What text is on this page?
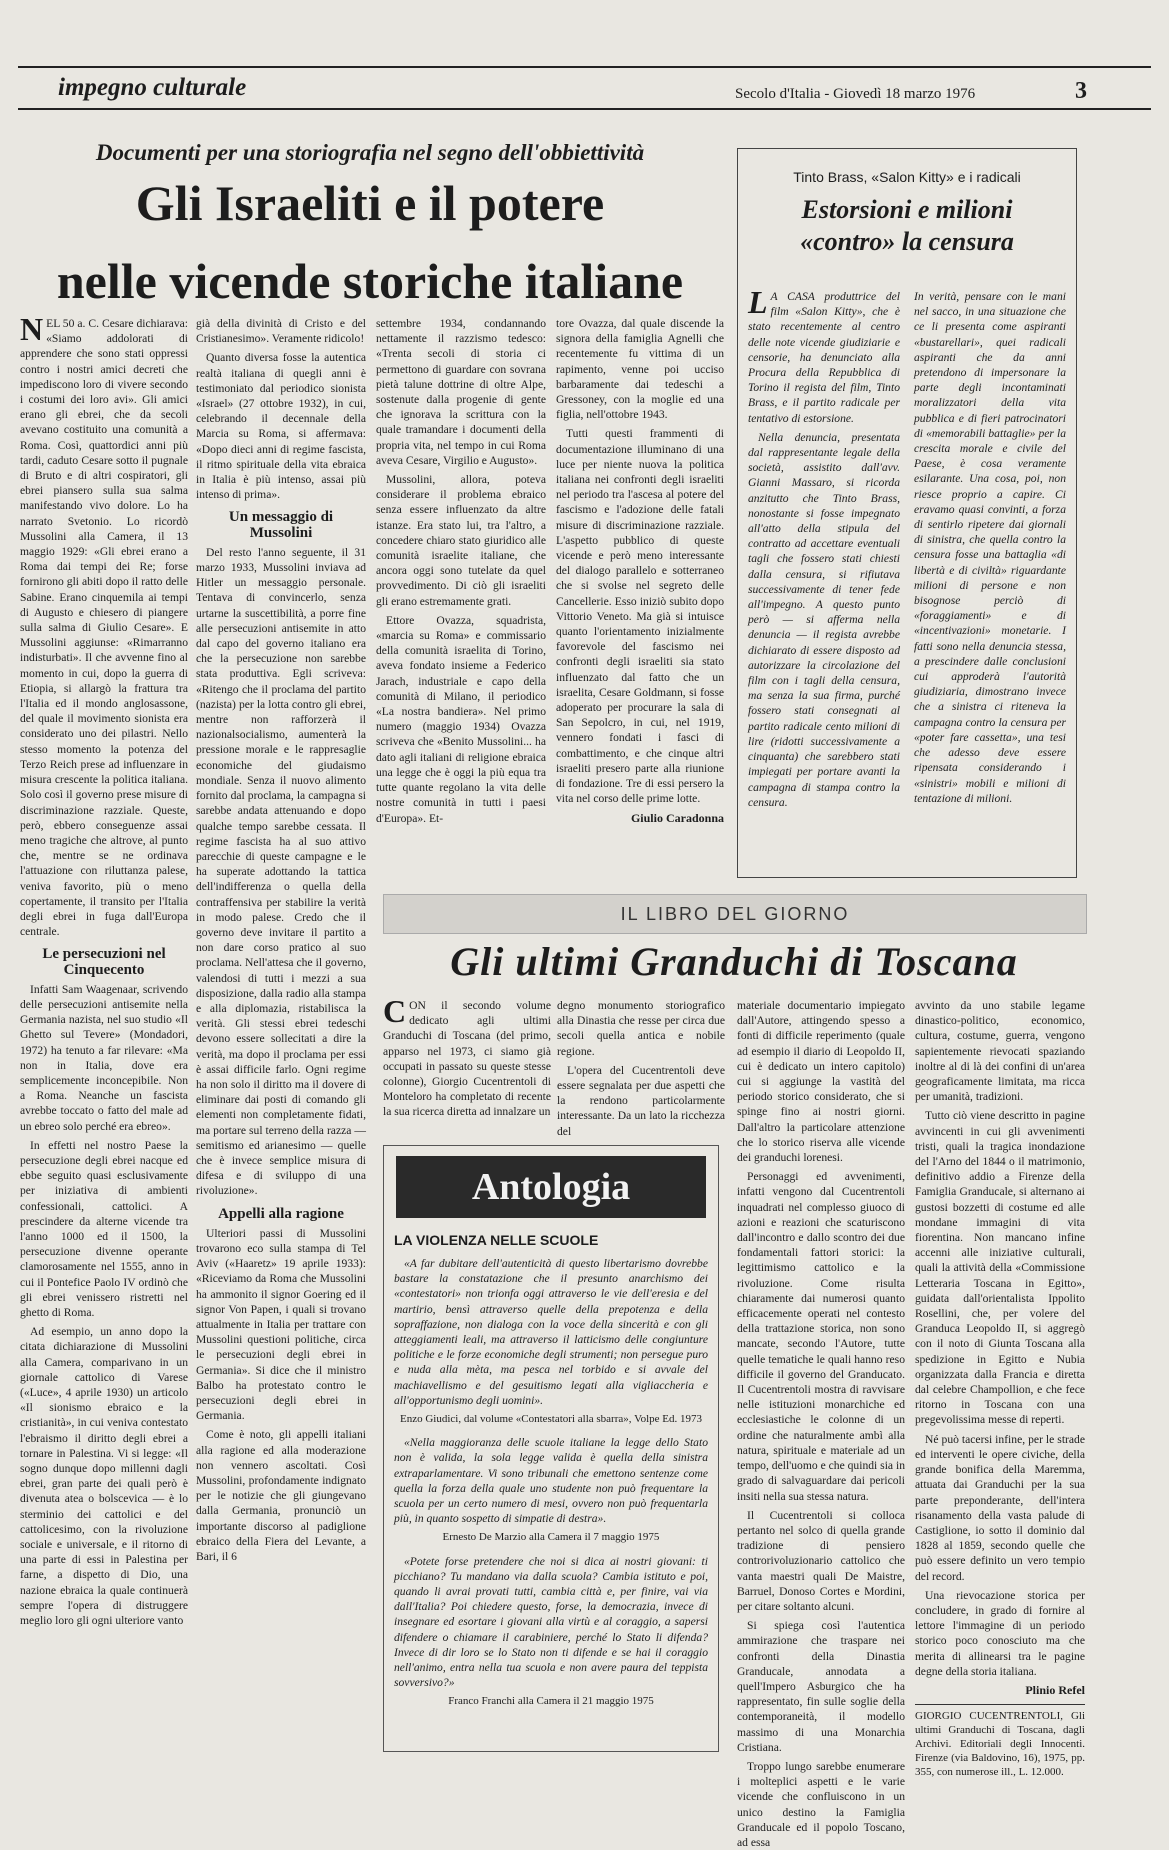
impegno culturale	Secolo d'Italia - Giovedì 18 marzo 1976	3
Documenti per una storiografia nel segno dell'obbiettività
Gli Israeliti e il potere
nelle vicende storiche italiane

NEL 50 a. C. Cesare dichiarava: «Siamo addolorati di apprendere che sono stati oppressi contro i nostri amici decreti che impediscono loro di vivere secondo i costumi dei loro avi». Gli amici erano gli ebrei, che da secoli avevano costituito una comunità a Roma. Così, quattordici anni più tardi, caduto Cesare sotto il pugnale di Bruto e di altri cospiratori, gli ebrei piansero sulla sua salma manifestando vivo dolore. Lo ha narrato Svetonio. Lo ricordò Mussolini alla Camera, il 13 maggio 1929: «Gli ebrei erano a Roma dai tempi dei Re; forse fornirono gli abiti dopo il ratto delle Sabine. Erano cinquemila ai tempi di Augusto e chiesero di piangere sulla salma di Giulio Cesare». E Mussolini aggiunse: «Rimarranno indisturbati». Il che avvenne fino al momento in cui, dopo la guerra di Etiopia, si allargò la frattura tra l'Italia ed il mondo anglosassone, del quale il movimento sionista era considerato uno dei pilastri. Nello stesso momento la potenza del Terzo Reich prese ad influenzare in misura crescente la politica italiana. Solo così il governo prese misure di discriminazione razziale. Queste, però, ebbero conseguenze assai meno tragiche che altrove, al punto che, mentre se ne ordinava l'attuazione con riluttanza palese, veniva favorito, più o meno copertamente, il transito per l'Italia degli ebrei in fuga dall'Europa centrale.

Le persecuzioni nel Cinquecento

Infatti Sam Waagenaar, scrivendo delle persecuzioni antisemite nella Germania nazista, nel suo studio «Il Ghetto sul Tevere» (Mondadori, 1972) ha tenuto a far rilevare: «Ma non in Italia, dove era semplicemente inconcepibile. Non a Roma. Neanche un fascista avrebbe toccato o fatto del male ad un ebreo solo perché era ebreo».

In effetti nel nostro Paese la persecuzione degli ebrei nacque ed ebbe seguito quasi esclusivamente per iniziativa di ambienti confessionali, cattolici. A prescindere da alterne vicende tra l'anno 1000 ed il 1500, la persecuzione divenne operante clamorosamente nel 1555, anno in cui il Pontefice Paolo IV ordinò che gli ebrei venissero ristretti nel ghetto di Roma.

Ad esempio, un anno dopo la citata dichiarazione di Mussolini alla Camera, comparivano in un giornale cattolico di Varese («Luce», 4 aprile 1930) un articolo «Il sionismo ebraico e la cristianità», in cui veniva contestato l'ebraismo il diritto degli ebrei a tornare in Palestina. Vi si legge: «Il sogno dunque dopo millenni dagli ebrei, gran parte dei quali però è divenuta atea o bolscevica — è lo sterminio dei cattolici e del cattolicesimo, con la rivoluzione sociale e universale, e il ritorno di una parte di essi in Palestina per farne, a dispetto di Dio, una nazione ebraica la quale continuerà sempre l'opera di distruggere meglio loro gli ogni ulteriore vanto

già della divinità di Cristo e del Cristianesimo». Veramente ridicolo!

Quanto diversa fosse la autentica realtà italiana di quegli anni è testimoniato dal periodico sionista «Israel» (27 ottobre 1932), in cui, celebrando il decennale della Marcia su Roma, si affermava: «Dopo dieci anni di regime fascista, il ritmo spirituale della vita ebraica in Italia è più intenso, assai più intenso di prima».

Un messaggio di Mussolini

Del resto l'anno seguente, il 31 marzo 1933, Mussolini inviava ad Hitler un messaggio personale. Tentava di convincerlo, senza urtarne la suscettibilità, a porre fine alle persecuzioni antisemite in atto dal capo del governo italiano era che la persecuzione non sarebbe stata produttiva. Egli scriveva: «Ritengo che il proclama del partito (nazista) per la lotta contro gli ebrei, mentre non rafforzerà il nazionalsocialismo, aumenterà la pressione morale e le rappresaglie economiche del giudaismo mondiale. Senza il nuovo alimento fornito dal proclama, la campagna si sarebbe andata attenuando e dopo qualche tempo sarebbe cessata. Il regime fascista ha al suo attivo parecchie di queste campagne e le ha superate adottando la tattica dell'indifferenza o quella della contraffensiva per stabilire la verità in modo palese. Credo che il governo deve invitare il partito a non dare corso pratico al suo proclama. Nell'attesa che il governo, valendosi di tutti i mezzi a sua disposizione, dalla radio alla stampa e alla diplomazia, ristabilisca la verità. Gli stessi ebrei tedeschi devono essere sollecitati a dire la verità, ma dopo il proclama per essi è assai difficile farlo. Ogni regime ha non solo il diritto ma il dovere di eliminare dai posti di comando gli elementi non completamente fidati, ma portare sul terreno della razza — semitismo ed arianesimo — quelle che è invece semplice misura di difesa e di sviluppo di una rivoluzione».

Appelli alla ragione

Ulteriori passi di Mussolini trovarono eco sulla stampa di Tel Aviv («Haaretz» 19 aprile 1933): «Riceviamo da Roma che Mussolini ha ammonito il signor Goering ed il signor Von Papen, i quali si trovano attualmente in Italia per trattare con Mussolini questioni politiche, circa le persecuzioni degli ebrei in Germania». Si dice che il ministro Balbo ha protestato contro le persecuzioni degli ebrei in Germania.

Come è noto, gli appelli italiani alla ragione ed alla moderazione non vennero ascoltati. Così Mussolini, profondamente indignato per le notizie che gli giungevano dalla Germania, pronunciò un importante discorso al padiglione ebraico della Fiera del Levante, a Bari, il 6

settembre 1934, condannando nettamente il razzismo tedesco: «Trenta secoli di storia ci permettono di guardare con sovrana pietà talune dottrine di oltre Alpe, sostenute dalla progenie di gente che ignorava la scrittura con la quale tramandare i documenti della propria vita, nel tempo in cui Roma aveva Cesare, Virgilio e Augusto».

Mussolini, allora, poteva considerare il problema ebraico senza essere influenzato da altre istanze. Era stato lui, tra l'altro, a concedere chiaro stato giuridico alle comunità israelite italiane, che ancora oggi sono tutelate da quel provvedimento. Di ciò gli israeliti gli erano estremamente grati.

Ettore Ovazza, squadrista, «marcia su Roma» e commissario della comunità israelita di Torino, aveva fondato insieme a Federico Jarach, industriale e capo della comunità di Milano, il periodico «La nostra bandiera». Nel primo numero (maggio 1934) Ovazza scriveva che «Benito Mussolini... ha dato agli italiani di religione ebraica una legge che è oggi la più equa tra tutte quante regolano la vita delle nostre comunità in tutti i paesi d'Europa». Et-

tore Ovazza, dal quale discende la signora della famiglia Agnelli che recentemente fu vittima di un rapimento, venne poi ucciso barbaramente dai tedeschi a Gressoney, con la moglie ed una figlia, nell'ottobre 1943.

Tutti questi frammenti di documentazione illuminano di una luce per niente nuova la politica italiana nei confronti degli israeliti nel periodo tra l'ascesa al potere del fascismo e l'adozione delle fatali misure di discriminazione razziale. L'aspetto pubblico di queste vicende e però meno interessante del dialogo parallelo e sotterraneo che si svolse nel segreto delle Cancellerie. Esso iniziò subito dopo Vittorio Veneto. Ma già si intuisce quanto l'orientamento inizialmente favorevole del fascismo nei confronti degli israeliti sia stato influenzato dal fatto che un israelita, Cesare Goldmann, si fosse adoperato per procurare la sala di San Sepolcro, in cui, nel 1919, vennero fondati i fasci di combattimento, e che cinque altri israeliti presero parte alla riunione di fondazione. Tre di essi persero la vita nel corso delle prime lotte.

Giulio Caradonna
Tinto Brass, «Salon Kitty» e i radicali
Estorsioni e milioni
«contro» la censura

LA CASA produttrice del film «Salon Kitty», che è stato recentemente al centro delle note vicende giudiziarie e censorie, ha denunciato alla Procura della Repubblica di Torino il regista del film, Tinto Brass, e il partito radicale per tentativo di estorsione.

Nella denuncia, presentata dal rappresentante legale della società, assistito dall'avv. Gianni Massaro, si ricorda anzitutto che Tinto Brass, nonostante si fosse impegnato all'atto della stipula del contratto ad accettare eventuali tagli che fossero stati chiesti dalla censura, si rifiutava successivamente di tener fede all'impegno. A questo punto però — si afferma nella denuncia — il regista avrebbe dichiarato di essere disposto ad autorizzare la circolazione del film con i tagli della censura, ma senza la sua firma, purché fossero stati consegnati al partito radicale cento milioni di lire (ridotti successivamente a cinquanta) che sarebbero stati impiegati per portare avanti la campagna di stampa contro la censura.

In verità, pensare con le mani nel sacco, in una situazione che ce li presenta come aspiranti «bustarellari», quei radicali aspiranti che da anni pretendono di impersonare la parte degli incontaminati moralizzatori della vita pubblica e di fieri patrocinatori di «memorabili battaglie» per la crescita morale e civile del Paese, è cosa veramente esilarante. Una cosa, poi, non riesce proprio a capire. Ci eravamo quasi convinti, a forza di sentirlo ripetere dai giornali di sinistra, che quella contro la censura fosse una battaglia «di libertà e di civiltà» riguardante milioni di persone e non bisognose perciò di «foraggiamenti» e di «incentivazioni» monetarie. I fatti sono nella denuncia stessa, a prescindere dalle conclusioni cui approderà l'autorità giudiziaria, dimostrano invece che a sinistra ci riteneva la campagna contro la censura per «poter fare cassetta», una tesi che adesso deve essere ripensata considerando i «sinistri» mobili e milioni di tentazione di milioni.

IL LIBRO DEL GIORNO
Gli ultimi Granduchi di Toscana

CON il secondo volume dedicato agli ultimi Granduchi di Toscana (del primo, apparso nel 1973, ci siamo già occupati in passato su queste stesse colonne), Giorgio Cucentrentoli di Monteloro ha completato di recente la sua ricerca diretta ad innalzare un

degno monumento storiografico alla Dinastia che resse per circa due secoli quella antica e nobile regione.

L'opera del Cucentrentoli deve essere segnalata per due aspetti che la rendono particolarmente interessante. Da un lato la ricchezza del

materiale documentario impiegato dall'Autore, attingendo spesso a fonti di difficile reperimento (quale ad esempio il diario di Leopoldo II, cui è dedicato un intero capitolo) cui si aggiunge la vastità del periodo storico considerato, che si spinge fino ai nostri giorni. Dall'altro la particolare attenzione che lo storico riserva alle vicende dei granduchi lorenesi.

Personaggi ed avvenimenti, infatti vengono dal Cucentrentoli inquadrati nel complesso giuoco di azioni e reazioni che scaturiscono dall'incontro e dallo scontro dei due fondamentali fattori storici: la legittimismo cattolico e la rivoluzione. Come risulta chiaramente dai numerosi quanto efficacemente operati nel contesto della trattazione storica, non sono mancate, secondo l'Autore, tutte quelle tematiche le quali hanno reso difficile il governo del Granducato. Il Cucentrentoli mostra di ravvisare nelle istituzioni monarchiche ed ecclesiastiche le colonne di un ordine che naturalmente ambì alla natura, spirituale e materiale ad un tempo, dell'uomo e che quindi sia in grado di salvaguardare dai pericoli insiti nella sua stessa natura.

Il Cucentrentoli si colloca pertanto nel solco di quella grande tradizione di pensiero controrivoluzionario cattolico che vanta maestri quali De Maistre, Barruel, Donoso Cortes e Mordini, per citare soltanto alcuni.

Si spiega così l'autentica ammirazione che traspare nei confronti della Dinastia Granducale, annodata a quell'Impero Asburgico che ha rappresentato, fin sulle soglie della contemporaneità, il modello massimo di una Monarchia Cristiana.

Troppo lungo sarebbe enumerare i molteplici aspetti e le varie vicende che confluiscono in un unico destino la Famiglia Granducale ed il popolo Toscano, ad essa

avvinto da uno stabile legame dinastico-politico, economico, cultura, costume, guerra, vengono sapientemente rievocati spaziando inoltre al di là dei confini di un'area geograficamente limitata, ma ricca per umanità, tradizioni.

Tutto ciò viene descritto in pagine avvincenti in cui gli avvenimenti tristi, quali la tragica inondazione del l'Arno del 1844 o il matrimonio, definitivo addio a Firenze della Famiglia Granducale, si alternano ai gustosi bozzetti di costume ed alle mondane immagini di vita fiorentina. Non mancano infine accenni alle iniziative culturali, quali la attività della «Commissione Letteraria Toscana in Egitto», guidata dall'orientalista Ippolito Rosellini, che, per volere del Granduca Leopoldo II, si aggregò con il noto di Giunta Toscana alla spedizione in Egitto e Nubia organizzata dalla Francia e diretta dal celebre Champollion, e che fece ritorno in Toscana con una pregevolissima messe di reperti.

Né può tacersi infine, per le strade ed interventi le opere civiche, della grande bonifica della Maremma, attuata dai Granduchi per la sua parte preponderante, dell'intera risanamento della vasta palude di Castiglione, io sotto il dominio dal 1828 al 1859, secondo quelle che può essere definito un vero tempio del record.

Una rievocazione storica per concludere, in grado di fornire al lettore l'immagine di un periodo storico poco conosciuto ma che merita di allinearsi tra le pagine degne della storia italiana.

Plinio Refel

GIORGIO CUCENTRENTOLI, Gli ultimi Granduchi di Toscana, dagli Archivi. Editoriali degli Innocenti. Firenze (via Baldovino, 16), 1975, pp. 355, con numerose ill., L. 12.000.

Antologia
LA VIOLENZA NELLE SCUOLE

«A far dubitare dell'autenticità di questo libertarismo dovrebbe bastare la constatazione che il presunto anarchismo dei «contestatori» non trionfa oggi attraverso le vie dell'eresia e del martirio, bensì attraverso quelle della prepotenza e della sopraffazione, non dialoga con la voce della sincerità e con gli atteggiamenti leali, ma attraverso il latticismo delle congiunture politiche e le forze economiche degli strumenti; non persegue puro e nuda alla mèta, ma pesca nel torbido e si avvale del machiavellismo e del gesuitismo legati alla vigliaccheria e all'opportunismo degli uomini».

Enzo Giudici, dal volume «Contestatori alla sbarra», Volpe Ed. 1973

«Nella maggioranza delle scuole italiane la legge dello Stato non è valida, la sola legge valida è quella della sinistra extraparlamentare. Vi sono tribunali che emettono sentenze come quella la forza della quale uno studente non può frequentare la scuola per un certo numero di mesi, ovvero non può frequentarla più, in quanto sospetto di simpatie di destra».

Ernesto De Marzio alla Camera il 7 maggio 1975

«Potete forse pretendere che noi si dica ai nostri giovani: ti picchiano? Tu mandano via dalla scuola? Cambia istituto e poi, quando li avrai provati tutti, cambia città e, per finire, vai via dall'Italia? Poi chiedere questo, forse, la democrazia, invece di insegnare ed esortare i giovani alla virtù e al coraggio, a sapersi difendere o chiamare il carabiniere, perché lo Stato li difenda? Invece di dir loro se lo Stato non ti difende e se hai il coraggio nell'animo, entra nella tua scuola e non avere paura del teppista sovversivo?»

Franco Franchi alla Camera il 21 maggio 1975
